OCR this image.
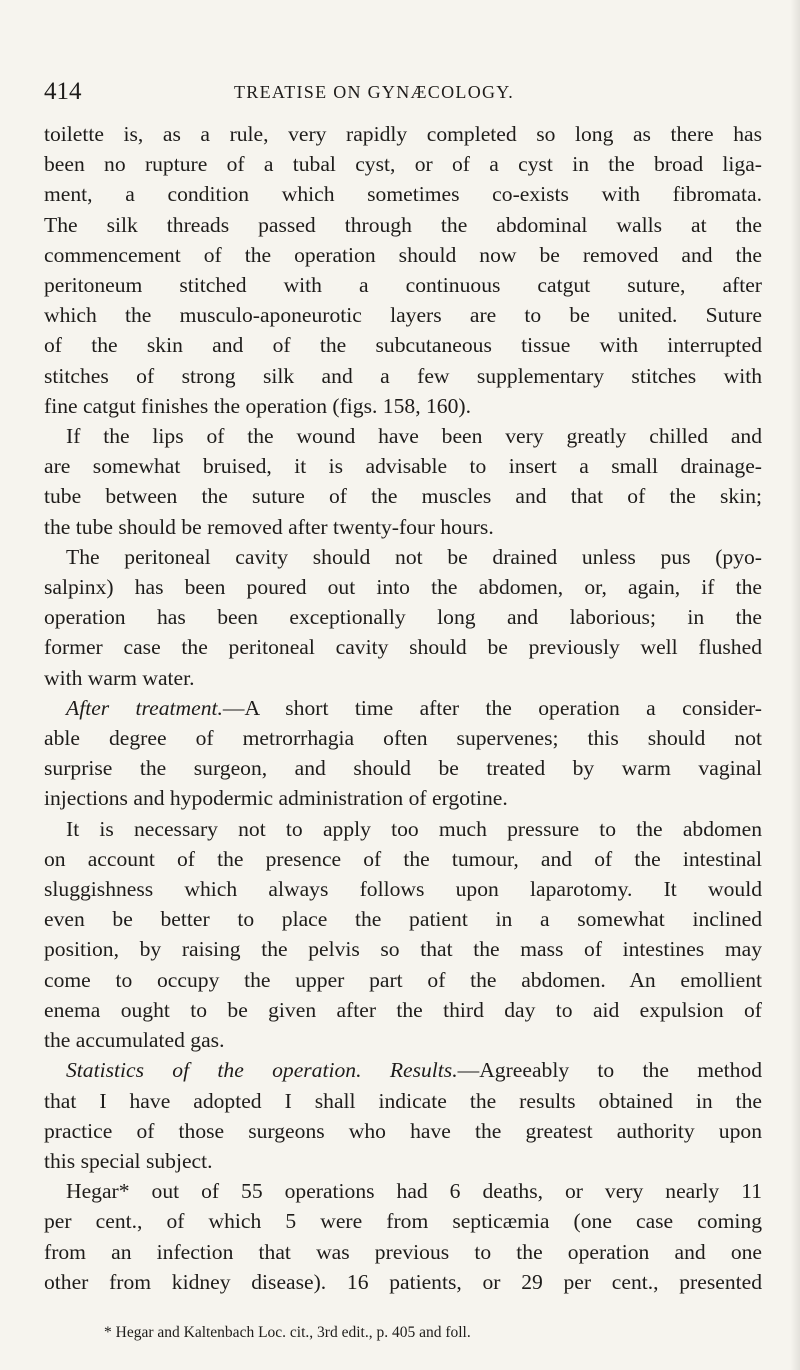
414	TREATISE ON GYNÆCOLOGY.
toilette is, as a rule, very rapidly completed so long as there has
been no rupture of a tubal cyst, or of a cyst in the broad liga-
ment, a condition which sometimes co-exists with fibromata.
The silk threads passed through the abdominal walls at the
commencement of the operation should now be removed and the
peritoneum stitched with a continuous catgut suture, after
which the musculo-aponeurotic layers are to be united. Suture
of the skin and of the subcutaneous tissue with interrupted
stitches of strong silk and a few supplementary stitches with
fine catgut finishes the operation (figs. 158, 160).
If the lips of the wound have been very greatly chilled and
are somewhat bruised, it is advisable to insert a small drainage-
tube between the suture of the muscles and that of the skin;
the tube should be removed after twenty-four hours.
The peritoneal cavity should not be drained unless pus (pyo-
salpinx) has been poured out into the abdomen, or, again, if the
operation has been exceptionally long and laborious; in the
former case the peritoneal cavity should be previously well flushed
with warm water.
After treatment.—A short time after the operation a consider-
able degree of metrorrhagia often supervenes; this should not
surprise the surgeon, and should be treated by warm vaginal
injections and hypodermic administration of ergotine.
It is necessary not to apply too much pressure to the abdomen
on account of the presence of the tumour, and of the intestinal
sluggishness which always follows upon laparotomy. It would
even be better to place the patient in a somewhat inclined
position, by raising the pelvis so that the mass of intestines may
come to occupy the upper part of the abdomen. An emollient
enema ought to be given after the third day to aid expulsion of
the accumulated gas.
Statistics of the operation. Results.—Agreeably to the method
that I have adopted I shall indicate the results obtained in the
practice of those surgeons who have the greatest authority upon
this special subject.
Hegar* out of 55 operations had 6 deaths, or very nearly 11
per cent., of which 5 were from septicæmia (one case coming
from an infection that was previous to the operation and one
other from kidney disease). 16 patients, or 29 per cent., presented
* Hegar and Kaltenbach Loc. cit., 3rd edit., p. 405 and foll.
